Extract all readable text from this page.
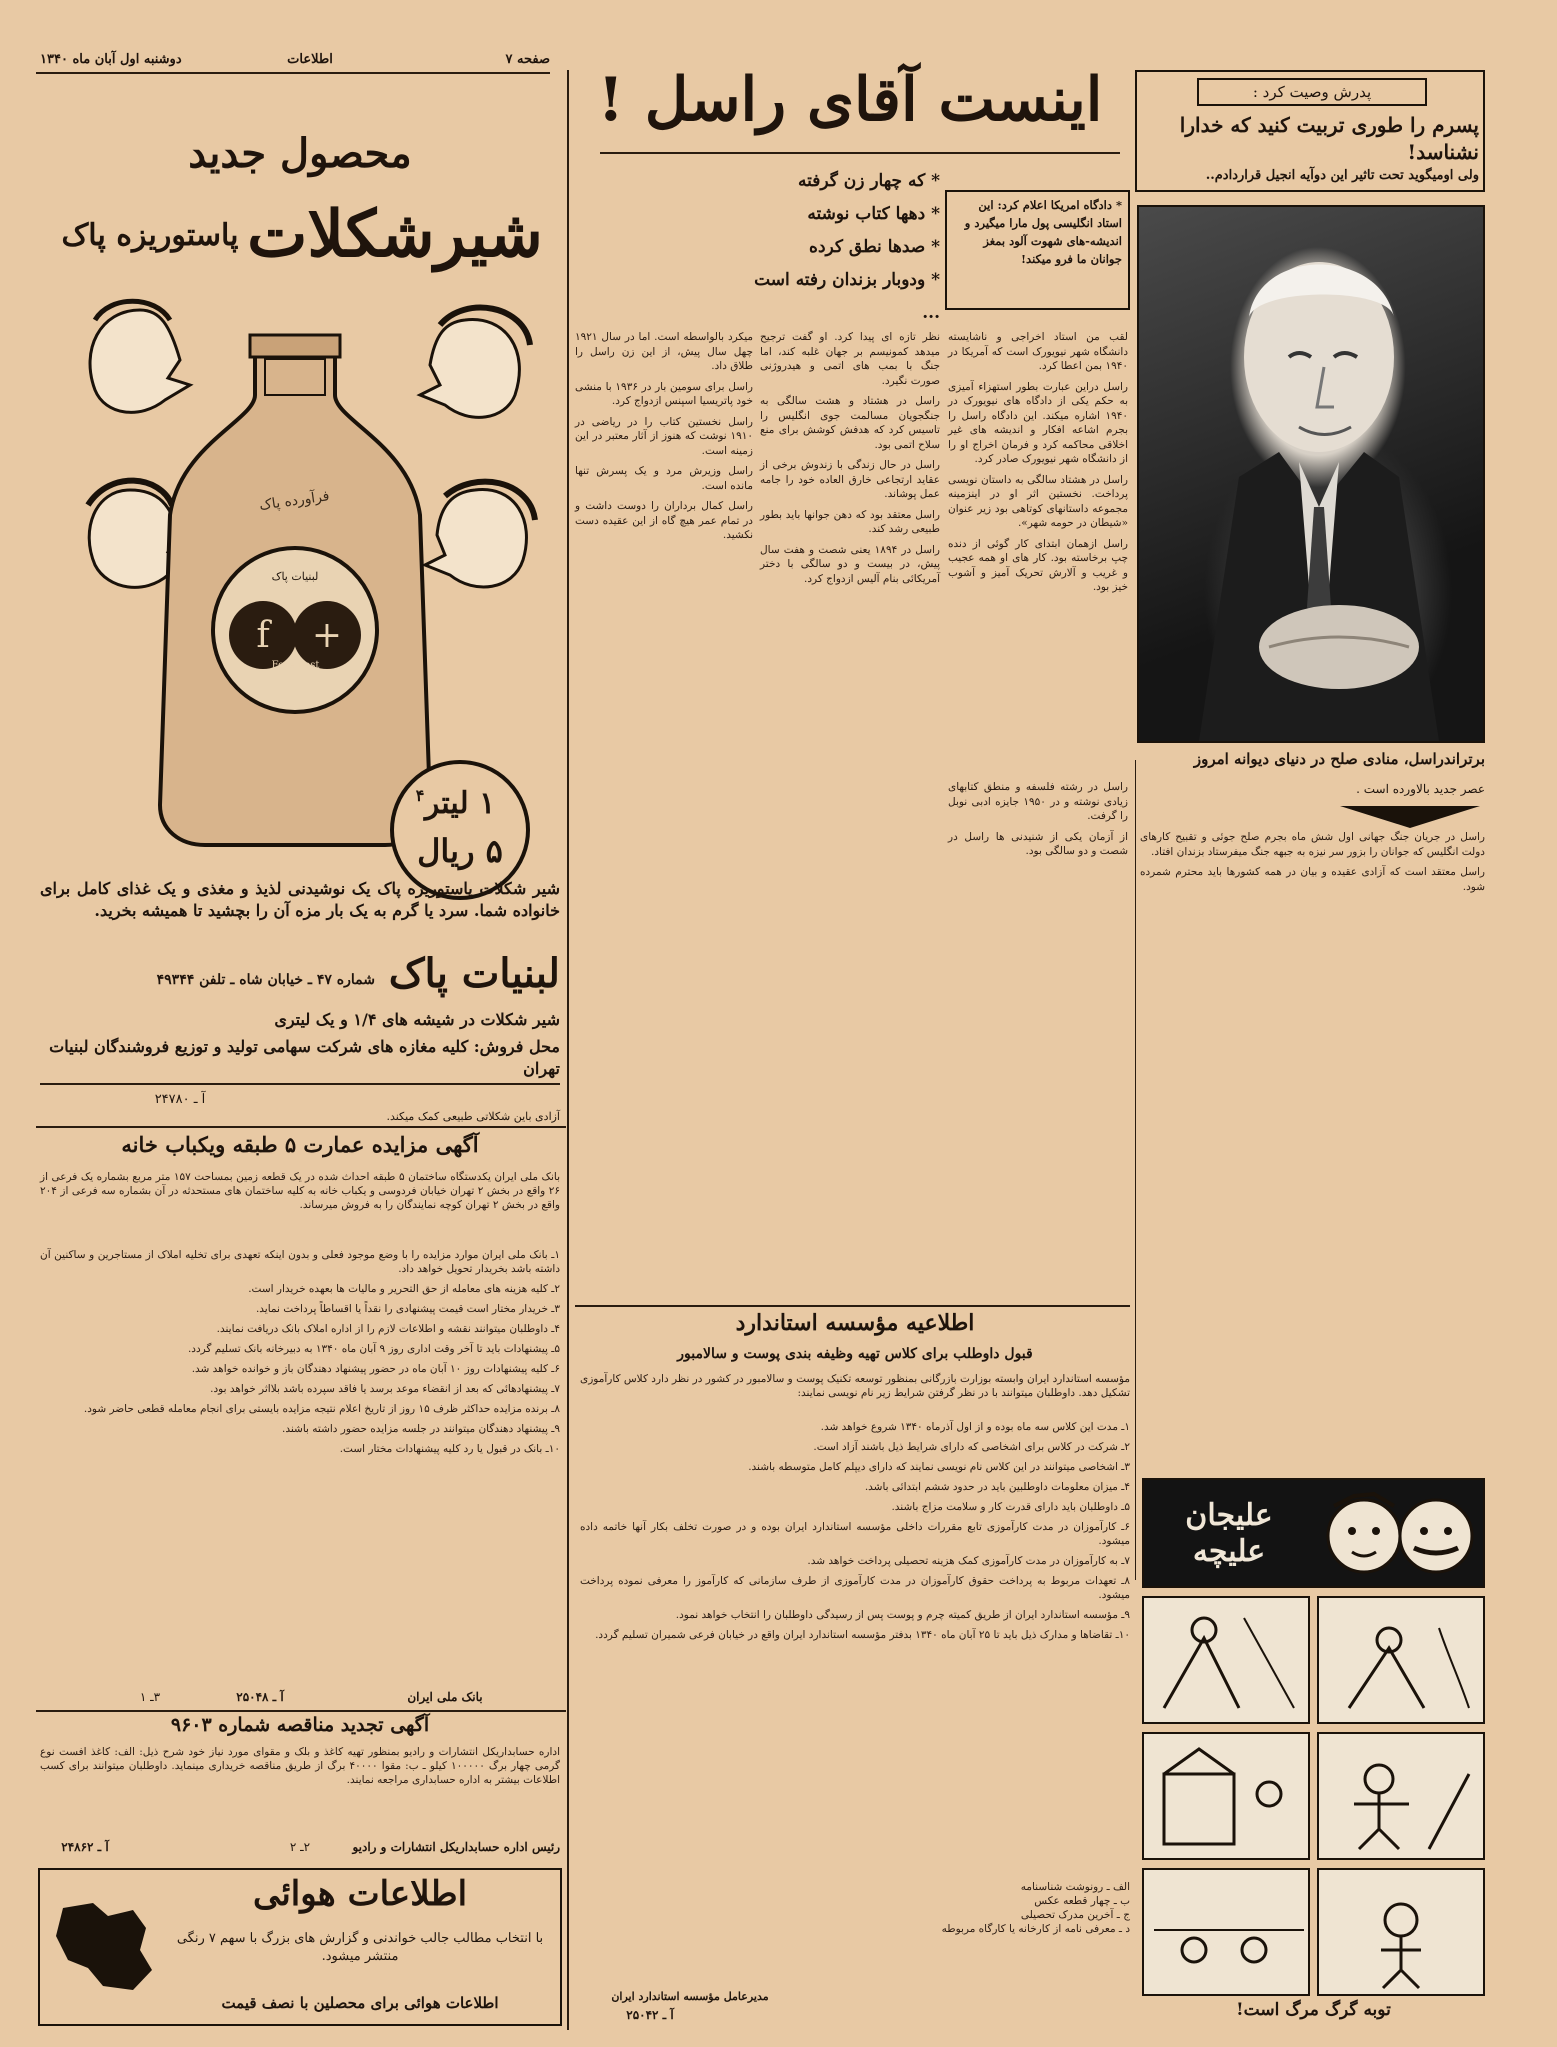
دوشنبه اول آبان ماه ۱۳۴۰	اطلاعات	صفحه ۷
محصول جدید
شیرشکلات
پاستوریزه پاک
f +
فرآورده پاک
لبنیات پاک
Foremost
۱ لیتر
۴
۵ ریال
شیر شکلات پاستوریزه پاک یک نوشیدنی لذیذ و مغذی و یک غذای کامل برای خانواده شما. سرد یا گرم به یک بار مزه آن را بچشید تا همیشه بخرید.
لبنیات پاک
شماره ۴۷ ـ خیابان شاه ـ تلفن ۴۹۳۴۴
شیر شکلات در شیشه های ۱/۴ و یک لیتری
محل فروش: کلیه مغازه های شرکت سهامی تولید و توزیع فروشندگان لبنیات تهران
آ ـ ۲۴۷۸۰
آزادی باین شکلاتی طبیعی کمک میکند.
آگهی مزایده عمارت ۵ طبقه ویکباب خانه
بانک ملی ایران یکدستگاه ساختمان ۵ طبقه احداث شده در یک قطعه زمین بمساحت ۱۵۷ متر مربع بشماره یک فرعی از ۲۶ واقع در بخش ۲ تهران خیابان فردوسی و یکباب خانه به کلیه ساختمان های مستحدثه در آن بشماره سه فرعی از ۲۰۴ واقع در بخش ۲ تهران کوچه نمایندگان را به فروش میرساند.

۱ـ بانک ملی ایران موارد مزایده را با وضع موجود فعلی و بدون اینکه تعهدی برای تخلیه املاک از مستاجرین و ساکنین آن داشته باشد بخریدار تحویل خواهد داد.

۲ـ کلیه هزینه های معامله از حق التحریر و مالیات ها بعهده خریدار است.

۳ـ خریدار مختار است قیمت پیشنهادی را نقداً یا اقساطاً پرداخت نماید.

۴ـ داوطلبان میتوانند نقشه و اطلاعات لازم را از اداره املاک بانک دریافت نمایند.

۵ـ پیشنهادات باید تا آخر وقت اداری روز ۹ آبان ماه ۱۳۴۰ به دبیرخانه بانک تسلیم گردد.

۶ـ کلیه پیشنهادات روز ۱۰ آبان ماه در حضور پیشنهاد دهندگان باز و خوانده خواهد شد.

۷ـ پیشنهادهائی که بعد از انقضاء موعد برسد یا فاقد سپرده باشد بلااثر خواهد بود.

۸ـ برنده مزایده حداکثر ظرف ۱۵ روز از تاریخ اعلام نتیجه مزایده بایستی برای انجام معامله قطعی حاضر شود.

۹ـ پیشنهاد دهندگان میتوانند در جلسه مزایده حضور داشته باشند.

۱۰ـ بانک در قبول یا رد کلیه پیشنهادات مختار است.

۳ـ ۱	آ ـ ۲۵۰۴۸	بانک ملی ایران
آگهی تجدید مناقصه شماره ۹۶۰۳
اداره حسابداریکل انتشارات و رادیو بمنظور تهیه کاغذ و بلک و مقوای مورد نیاز خود شرح ذیل: الف: کاغذ افست نوع گرمی چهار برگ ۱۰۰۰۰۰ کیلو ـ ب: مقوا ۴۰۰۰۰ برگ از طریق مناقصه خریداری مینماید. داوطلبان میتوانند برای کسب اطلاعات بیشتر به اداره حسابداری مراجعه نمایند.
۲ـ ۲
آ ـ ۲۴۸۶۲	رئیس اداره حسابداریکل انتشارات و رادیو
اطلاعات هوائی
با انتخاب مطالب جالب خواندنی و گزارش های بزرگ با سهم ۷ رنگی منتشر میشود.
اطلاعات هوائی برای محصلین با نصف قیمت
اینست آقای راسل !
* که چهار زن گرفته
* دهها کتاب نوشته
* صدها نطق کرده
* ودوبار بزندان رفته است ...
* دادگاه امریکا اعلام کرد: این استاد انگلیسی پول مارا میگیرد و اندیشه-های شهوت آلود بمغز جوانان ما فرو میکند!
پدرش وصیت کرد :
پسرم را طوری تربیت کنید که خدارا نشناسد!
ولی اومیگوید تحت تاثیر این دوآیه انجیل قراردادم..
برتراندراسل، منادی صلح در دنیای دیوانه امروز
عصر جدید بالاورده است .

لقب من استاد اخراجی و ناشایسته دانشگاه شهر نیویورک است که آمریکا در ۱۹۴۰ بمن اعطا کرد.

راسل دراین عبارت بطور استهزاء آمیزی به حکم یکی از دادگاه های نیویورک در ۱۹۴۰ اشاره میکند. این دادگاه راسل را بجرم اشاعه افکار و اندیشه های غیر اخلاقی محاکمه کرد و فرمان اخراج او را از دانشگاه شهر نیویورک صادر کرد.

راسل در هشتاد سالگی به داستان نویسی پرداخت. نخستین اثر او در اینزمینه مجموعه داستانهای کوتاهی بود زیر عنوان «شیطان در حومه شهر».

راسل ازهمان ابتدای کار گوئی از دنده چپ برخاسته بود. کار های او همه عجیب و غریب و آلارش تحریک آمیز و آشوب خیز بود.

راسل در جریان جنگ جهانی اول شش ماه بجرم صلح جوئی و تقبیح کارهای دولت انگلیس که جوانان را بزور سر نیزه به جبهه جنگ میفرستاد بزندان افتاد.

راسل معتقد است که آزادی عقیده و بیان در همه کشورها باید محترم شمرده شود.

راسل در رشته فلسفه و منطق کتابهای زیادی نوشته و در ۱۹۵۰ جایزه ادبی نوبل را گرفت.

از آزمان یکی از شنیدنی ها راسل در شصت و دو سالگی بود.

نظر تازه ای پیدا کرد. او گفت ترجیح میدهد کمونیسم بر جهان غلبه کند، اما جنگ با بمب های اتمی و هیدروژنی صورت نگیرد.

راسل در هشتاد و هشت سالگی به جنگجویان مسالمت جوی انگلیس را تاسیس کرد که هدفش کوشش برای منع سلاح اتمی بود.

راسل در حال زندگی با زندوش برخی از عقاید ارتجاعی خارق العاده خود را جامه عمل پوشاند.

راسل معتقد بود که دهن جوانها باید بطور طبیعی رشد کند.

راسل در ۱۸۹۴ یعنی شصت و هفت سال پیش، در بیست و دو سالگی با دختر آمریکائی بنام آلیس ازدواج کرد.

میکرد بالواسطه است. اما در سال ۱۹۲۱ چهل سال پیش، از این زن راسل را طلاق داد.

راسل برای سومین بار در ۱۹۳۶ با منشی خود پاتریسیا اسپنس ازدواج کرد.

راسل نخستین کتاب را در ریاضی در ۱۹۱۰ نوشت که هنوز از آثار معتبر در این زمینه است.

راسل وزیرش مرد و یک پسرش تنها مانده است.

راسل کمال برداران را دوست داشت و در تمام عمر هیچ گاه از این عقیده دست نکشید.

اطلاعیه مؤسسه استاندارد
قبول داوطلب برای کلاس تهیه وظیفه بندی پوست و سالامبور
مؤسسه استاندارد ایران وابسته بوزارت بازرگانی بمنظور توسعه تکنیک پوست و سالامبور در کشور در نظر دارد کلاس کارآموزی تشکیل دهد. داوطلبان میتوانند با در نظر گرفتن شرایط زیر نام نویسی نمایند:

۱ـ مدت این کلاس سه ماه بوده و از اول آذرماه ۱۳۴۰ شروع خواهد شد.

۲ـ شرکت در کلاس برای اشخاصی که دارای شرایط ذیل باشند آزاد است.

۳ـ اشخاصی میتوانند در این کلاس نام نویسی نمایند که دارای دیپلم کامل متوسطه باشند.

۴ـ میزان معلومات داوطلبین باید در حدود ششم ابتدائی باشد.

۵ـ داوطلبان باید دارای قدرت کار و سلامت مزاج باشند.

۶ـ کارآموزان در مدت کارآموزی تابع مقررات داخلی مؤسسه استاندارد ایران بوده و در صورت تخلف بکار آنها خاتمه داده میشود.

۷ـ به کارآموزان در مدت کارآموزی کمک هزینه تحصیلی پرداخت خواهد شد.

۸ـ تعهدات مربوط به پرداخت حقوق کارآموزان در مدت کارآموزی از طرف سازمانی که کارآموز را معرفی نموده پرداخت میشود.

۹ـ مؤسسه استاندارد ایران از طریق کمیته چرم و پوست پس از رسیدگی داوطلبان را انتخاب خواهد نمود.

۱۰ـ تقاضاها و مدارک ذیل باید تا ۲۵ آبان ماه ۱۳۴۰ بدفتر مؤسسه استاندارد ایران واقع در خیابان فرعی شمیران تسلیم گردد.

الف ـ رونوشت شناسنامه
ب ـ چهار قطعه عکس
ج ـ آخرین مدرک تحصیلی
د ـ معرفی نامه از کارخانه یا کارگاه مربوطه
آ ـ ۲۵۰۴۲
مدیرعامل مؤسسه استاندارد ایران
علیجان علیچه
توبه گرگ مرگ است!
